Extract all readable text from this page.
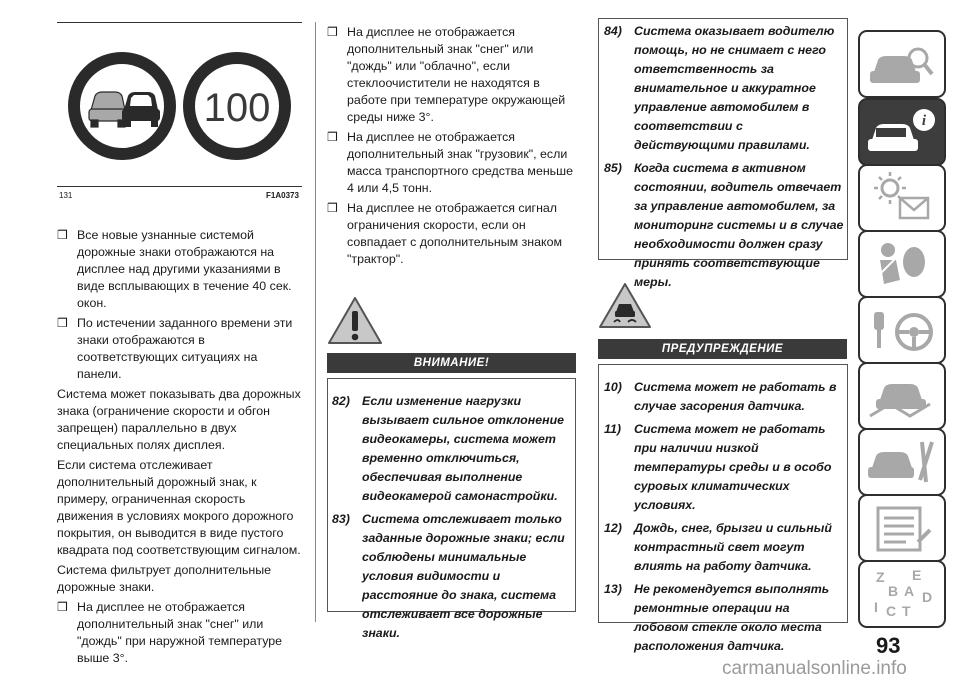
100
131	F1A0373
❒ Все новые узнанные системой дорожные знаки отображаются на дисплее над другими указаниями в виде всплывающих в течение 40 сек. окон.
❒ По истечении заданного времени эти знаки отображаются в соответствующих ситуациях на панели.
Система может показывать два дорожных знака (ограничение скорости и обгон запрещен) параллельно в двух специальных полях дисплея.
Если система отслеживает дополнительный дорожный знак, к примеру, ограниченная скорость движения в условиях мокрого дорожного покрытия, он выводится в виде пустого квадрата под соответствующим сигналом.
Система фильтрует дополнительные дорожные знаки.
❒ На дисплее не отображается дополнительный знак "снег" или "дождь" при наружной температуре выше 3°.
❒ На дисплее не отображается дополнительный знак "снег" или "дождь" или "облачно", если стеклоочистители не находятся в работе при температуре окружающей среды ниже 3°.
❒ На дисплее не отображается дополнительный знак "грузовик", если масса транспортного средства меньше 4 или 4,5 тонн.
❒ На дисплее не отображается сигнал ограничения скорости, если он совпадает с дополнительным знаком "трактор".
ВНИМАНИЕ!
82) Если изменение нагрузки вызывает сильное отклонение видеокамеры, система может временно отключиться, обеспечивая выполнение видеокамерой самонастройки.
83) Система отслеживает только заданные дорожные знаки; если соблюдены минимальные условия видимости и расстояние до знака, система отслеживает все дорожные знаки.
84) Система оказывает водителю помощь, но не снимает с него ответственность за внимательное и аккуратное управление автомобилем в соответствии с действующими правилами.
85) Когда система в активном состоянии, водитель отвечает за управление автомобилем, за мониторинг системы и в случае необходимости должен сразу принять соответствующие меры.
ПРЕДУПРЕЖДЕНИЕ
10) Система может не работать в случае засорения датчика.
11) Система может не работать при наличии низкой температуры среды и в особо суровых климатических условиях.
12) Дождь, снег, брызги и сильный контрастный свет могут влиять на работу датчика.
13) Не рекомендуется выполнять ремонтные операции на лобовом стекле около места расположения датчика.
i
Z E
B A D
I C T
93
carmanualsonline.info
